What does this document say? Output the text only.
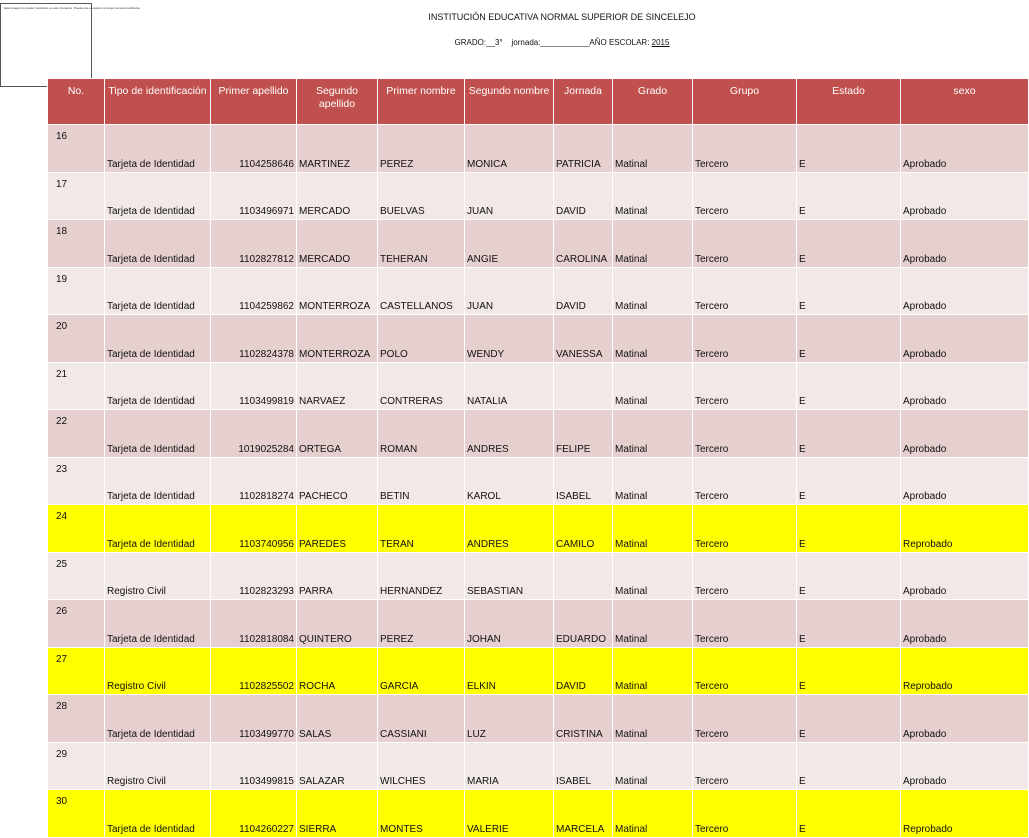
Esta imagen no puede mostrarse en este momento. Puede que el equipo no tenga memoria suficiente
INSTITUCIÓN EDUCATIVA NORMAL SUPERIOR DE SINCELEJO
GRADO:__3° jornada:___________AÑO ESCOLAR: 2015
No.	Tipo de identificación	Primer apellido	Segundo apellido	Primer nombre	Segundo nombre	Jornada	Grado	Grupo	Estado	sexo
16	Tarjeta de Identidad	1104258646	MARTINEZ	PEREZ	MONICA	PATRICIA	Matinal	Tercero	E	Aprobado
17	Tarjeta de Identidad	1103496971	MERCADO	BUELVAS	JUAN	DAVID	Matinal	Tercero	E	Aprobado
18	Tarjeta de Identidad	1102827812	MERCADO	TEHERAN	ANGIE	CAROLINA	Matinal	Tercero	E	Aprobado
19	Tarjeta de Identidad	1104259862	MONTERROZA	CASTELLANOS	JUAN	DAVID	Matinal	Tercero	E	Aprobado
20	Tarjeta de Identidad	1102824378	MONTERROZA	POLO	WENDY	VANESSA	Matinal	Tercero	E	Aprobado
21	Tarjeta de Identidad	1103499819	NARVAEZ	CONTRERAS	NATALIA		Matinal	Tercero	E	Aprobado
22	Tarjeta de Identidad	1019025284	ORTEGA	ROMAN	ANDRES	FELIPE	Matinal	Tercero	E	Aprobado
23	Tarjeta de Identidad	1102818274	PACHECO	BETIN	KAROL	ISABEL	Matinal	Tercero	E	Aprobado
24	Tarjeta de Identidad	1103740956	PAREDES	TERAN	ANDRES	CAMILO	Matinal	Tercero	E	Reprobado
25	Registro Civil	1102823293	PARRA	HERNANDEZ	SEBASTIAN		Matinal	Tercero	E	Aprobado
26	Tarjeta de Identidad	1102818084	QUINTERO	PEREZ	JOHAN	EDUARDO	Matinal	Tercero	E	Aprobado
27	Registro Civil	1102825502	ROCHA	GARCIA	ELKIN	DAVID	Matinal	Tercero	E	Reprobado
28	Tarjeta de Identidad	1103499770	SALAS	CASSIANI	LUZ	CRISTINA	Matinal	Tercero	E	Aprobado
29	Registro Civil	1103499815	SALAZAR	WILCHES	MARIA	ISABEL	Matinal	Tercero	E	Aprobado
30	Tarjeta de Identidad	1104260227	SIERRA	MONTES	VALERIE	MARCELA	Matinal	Tercero	E	Reprobado
